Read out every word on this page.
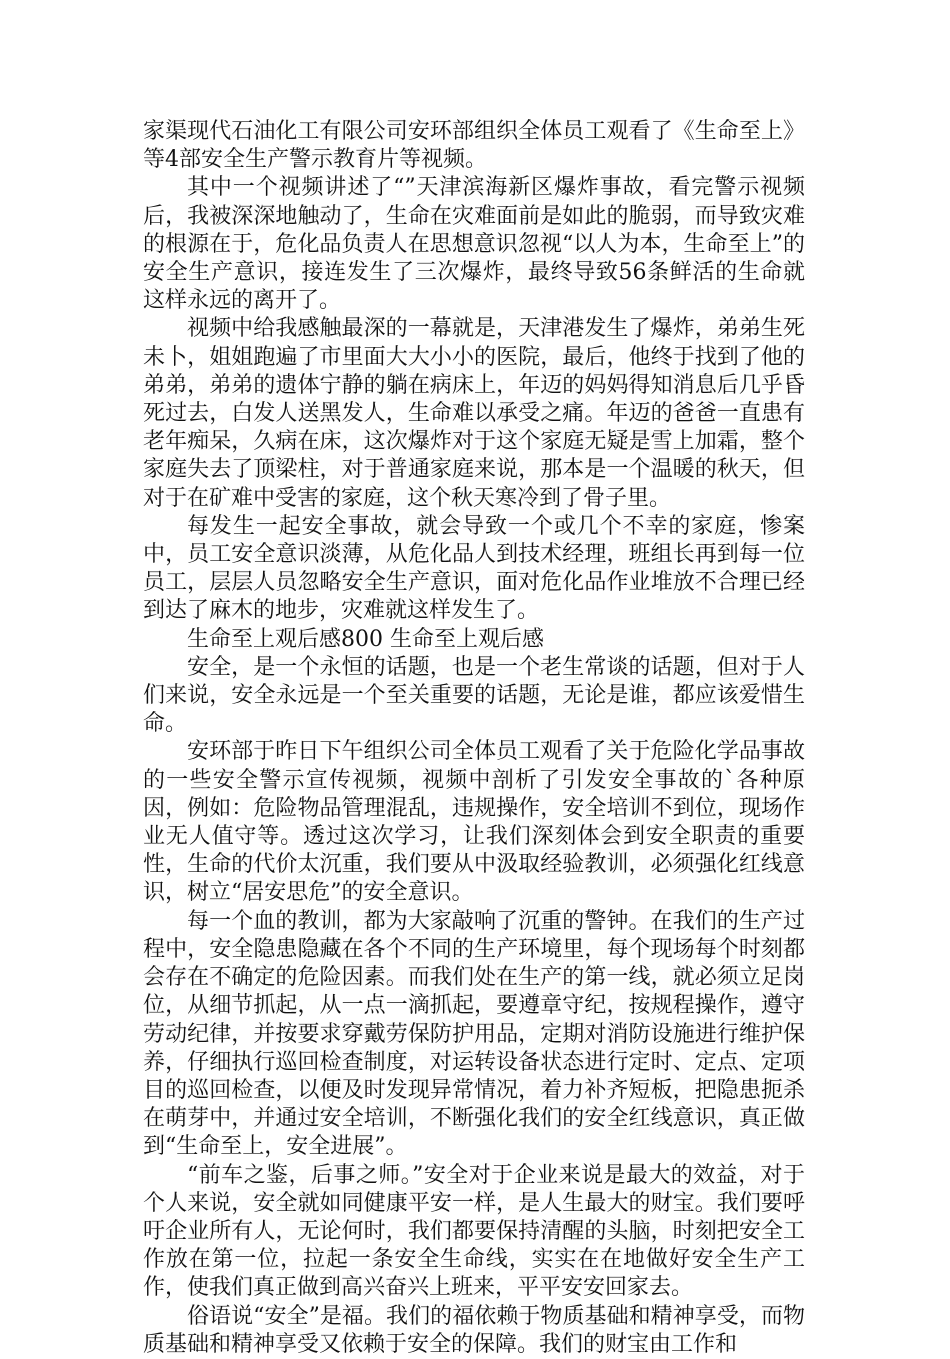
家渠现代石油化工有限公司安环部组织全体员工观看了《生命至上》等4部安全生产警示教育片等视频。

其中一个视频讲述了“”天津滨海新区爆炸事故，看完警示视频后，我被深深地触动了，生命在灾难面前是如此的脆弱，而导致灾难的根源在于，危化品负责人在思想意识忽视“以人为本，生命至上”的安全生产意识，接连发生了三次爆炸，最终导致56条鲜活的生命就这样永远的离开了。

视频中给我感触最深的一幕就是，天津港发生了爆炸，弟弟生死未卜，姐姐跑遍了市里面大大小小的医院，最后，他终于找到了他的弟弟，弟弟的遗体宁静的躺在病床上，年迈的妈妈得知消息后几乎昏死过去，白发人送黑发人，生命难以承受之痛。年迈的爸爸一直患有老年痴呆，久病在床，这次爆炸对于这个家庭无疑是雪上加霜，整个家庭失去了顶梁柱，对于普通家庭来说，那本是一个温暖的秋天，但对于在矿难中受害的家庭，这个秋天寒冷到了骨子里。

每发生一起安全事故，就会导致一个或几个不幸的家庭，惨案中，员工安全意识淡薄，从危化品人到技术经理，班组长再到每一位员工，层层人员忽略安全生产意识，面对危化品作业堆放不合理已经到达了麻木的地步，灾难就这样发生了。

生命至上观后感800 生命至上观后感

安全，是一个永恒的话题，也是一个老生常谈的话题，但对于人们来说，安全永远是一个至关重要的话题，无论是谁，都应该爱惜生命。

安环部于昨日下午组织公司全体员工观看了关于危险化学品事故的一些安全警示宣传视频，视频中剖析了引发安全事故的`各种原因，例如：危险物品管理混乱，违规操作，安全培训不到位，现场作业无人值守等。透过这次学习，让我们深刻体会到安全职责的重要性，生命的代价太沉重，我们要从中汲取经验教训，必须强化红线意识，树立“居安思危”的安全意识。

每一个血的教训，都为大家敲响了沉重的警钟。在我们的生产过程中，安全隐患隐藏在各个不同的生产环境里，每个现场每个时刻都会存在不确定的危险因素。而我们处在生产的第一线，就必须立足岗位，从细节抓起，从一点一滴抓起，要遵章守纪，按规程操作，遵守劳动纪律，并按要求穿戴劳保防护用品，定期对消防设施进行维护保养，仔细执行巡回检查制度，对运转设备状态进行定时、定点、定项目的巡回检查，以便及时发现异常情况，着力补齐短板，把隐患扼杀在萌芽中，并通过安全培训，不断强化我们的安全红线意识，真正做到“生命至上，安全进展”。

“前车之鉴，后事之师。”安全对于企业来说是最大的效益，对于个人来说，安全就如同健康平安一样，是人生最大的财宝。我们要呼吁企业所有人，无论何时，我们都要保持清醒的头脑，时刻把安全工作放在第一位，拉起一条安全生命线，实实在在地做好安全生产工作，使我们真正做到高兴奋兴上班来，平平安安回家去。

俗语说“安全”是福。我们的福依赖于物质基础和精神享受，而物质基础和精神享受又依赖于安全的保障。我们的财宝由工作和
